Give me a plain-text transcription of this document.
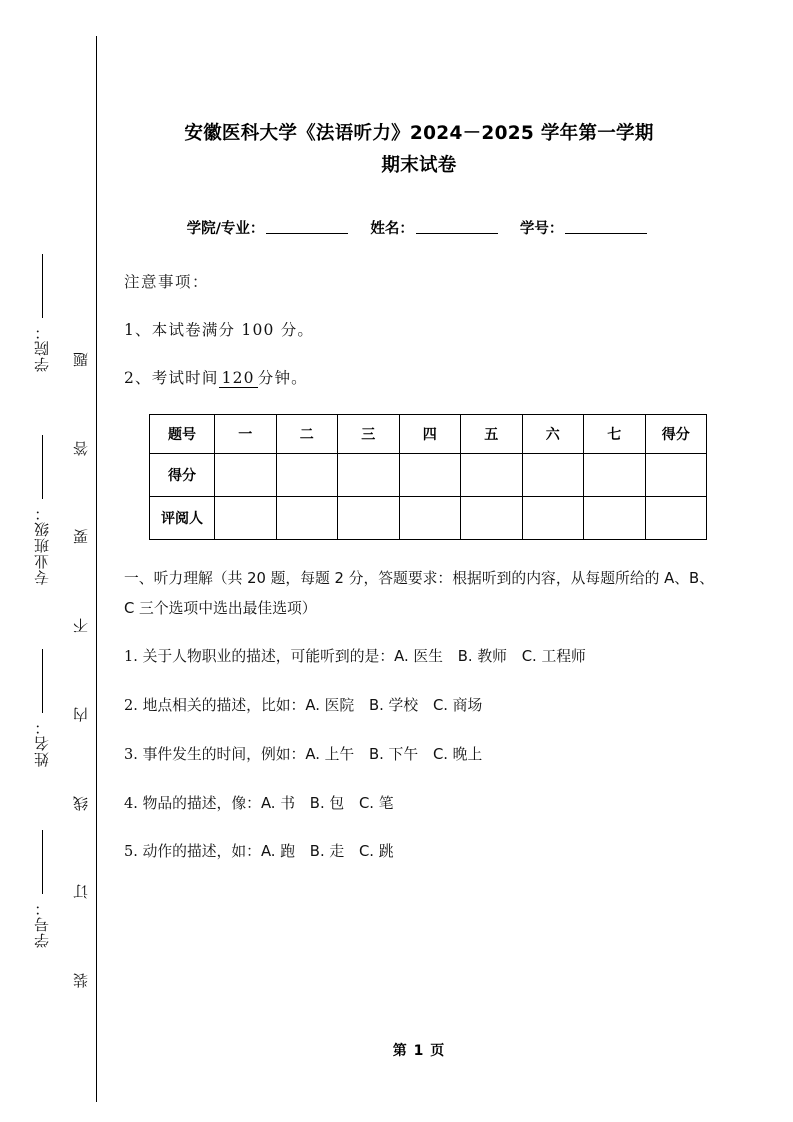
学号：
姓名：
专业班级：
学院：
装
订
线
内
不
要
答
题
安徽医科大学《法语听力》2024－2025 学年第一学期
期末试卷
学院/专业：	姓名：	学号：
注意事项：
1、本试卷满分 100 分。
2、考试时间 120 分钟。
题号	一	二	三	四	五	六	七	得分
得分								
评阅人								
一、听力理解（共 20 题，每题 2 分，答题要求：根据听到的内容，从每题所给的 A、B、C 三个选项中选出最佳选项）
1. 关于人物职业的描述，可能听到的是：A. 医生　B. 教师　C. 工程师
2. 地点相关的描述，比如：A. 医院　B. 学校　C. 商场
3. 事件发生的时间，例如：A. 上午　B. 下午　C. 晚上
4. 物品的描述，像：A. 书　B. 包　C. 笔
5. 动作的描述，如：A. 跑　B. 走　C. 跳
第 1 页
